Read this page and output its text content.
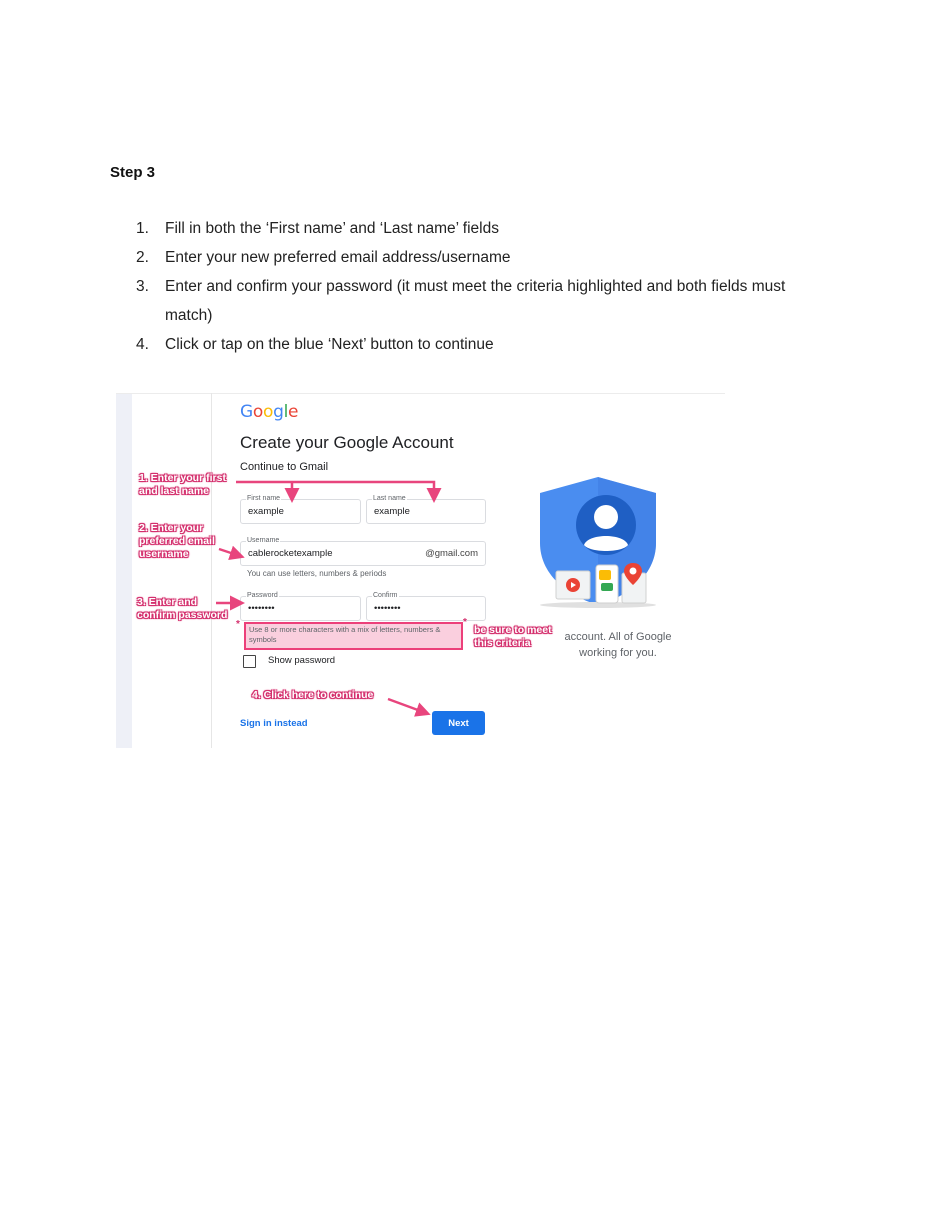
Step 3
1. Fill in both the ‘First name’ and ‘Last name’ fields
2. Enter your new preferred email address/username
3. Enter and confirm your password (it must meet the criteria highlighted and both fields must match)
4. Click or tap on the blue ‘Next’ button to continue
Google
Create your Google Account
Continue to Gmail
First name
example
Last name
example
Username
cablerocketexample	@gmail.com
You can use letters, numbers & periods
Password
••••••••
Confirm
••••••••
Use 8 or more characters with a mix of letters, numbers & symbols
Show password
Sign in instead	Next
account. All of Google working for you.
*	*
1. Enter your first and last name
2. Enter your preferred email username
3. Enter and confirm password
be sure to meet this criteria
4. Click here to continue
